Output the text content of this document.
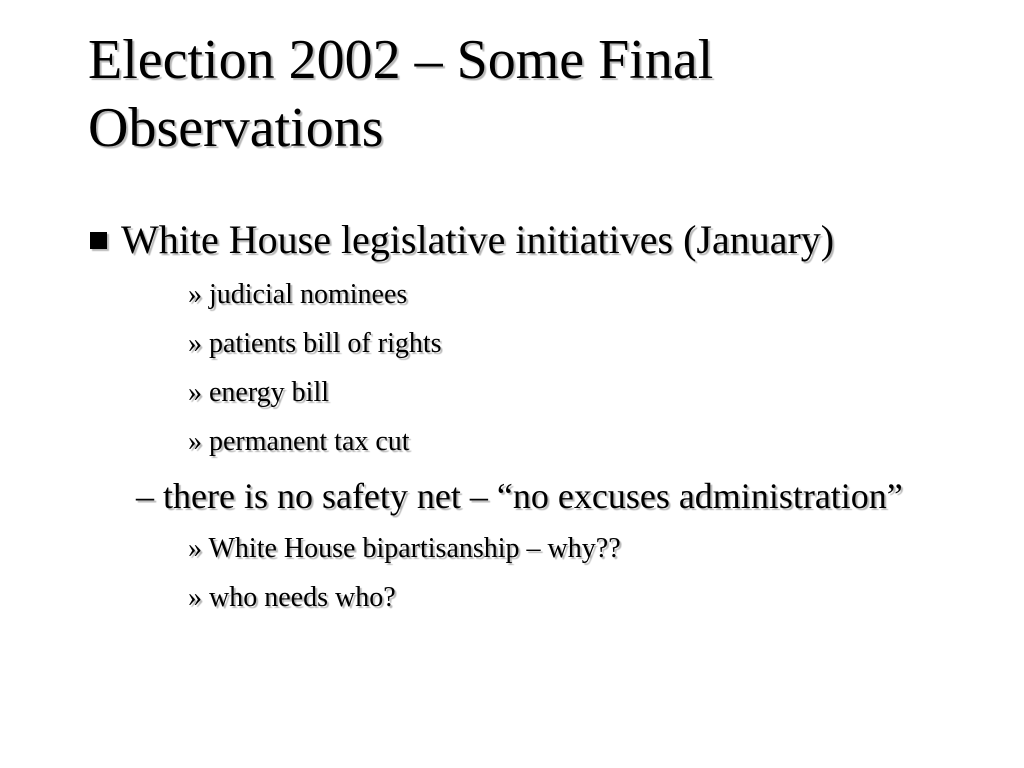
Election 2002 – Some Final Observations
White House legislative initiatives (January)
» judicial nominees
» patients bill of rights
» energy bill
» permanent tax cut
– there is no safety net – “no excuses administration”
» White House bipartisanship – why??
» who needs who?
